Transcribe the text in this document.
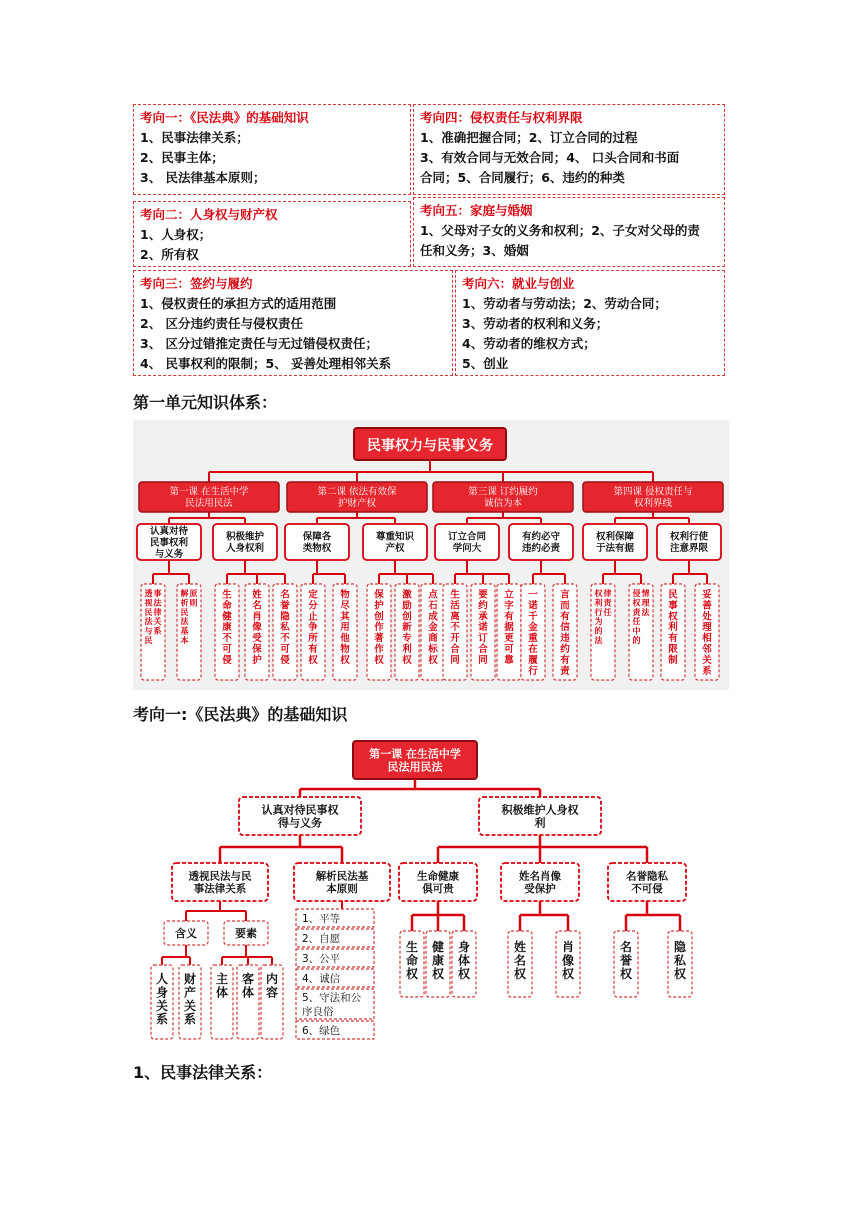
考向一：《民法典》的基础知识
1、民事法律关系；
2、民事主体；
3、 民法律基本原则；
考向二：人身权与财产权
1、人身权；
2、所有权
考向三：签约与履约
1、侵权责任的承担方式的适用范围
2、 区分违约责任与侵权责任
3、 区分过错推定责任与无过错侵权责任；
4、 民事权利的限制；5、 妥善处理相邻关系
考向四：侵权责任与权利界限
1、准确把握合同；2、订立合同的过程
3、有效合同与无效合同；4、 口头合同和书面
合同；5、合同履行；6、违约的种类
考向五：家庭与婚姻
1、父母对子女的义务和权利；2、子女对父母的责
任和义务；3、婚姻
考向六：就业与创业
1、劳动者与劳动法；2、劳动合同；
3、劳动者的权利和义务；
4、劳动者的维权方式；
5、创业
第一单元知识体系：
民事权力与民事义务
第一课 在生活中学
民法用民法
第二课 依法有效保
护财产权
第三课 订约履约
诚信为本
第四课 侵权责任与
权利界线
认真对待
民事权利
与义务
积极维护
人身权利
保障各
类物权
尊重知识
产权
订立合同
学问大
有约必守
违约必责
权利保障
于法有据
权利行使
注意界限
透
视
民
法
与
民
事
法
律
关
系
解
析
民
法
基
本
原
则
生
命
健
康
不
可
侵
姓
名
肖
像
受
保
护
名
誉
隐
私
不
可
侵
定
分
止
争
所
有
权
物
尽
其
用
他
物
权
保
护
创
作
著
作
权
激
励
创
新
专
利
权
点
石
成
金
商
标
权
生
活
离
不
开
合
同
要
约
承
诺
订
合
同
立
字
有
据
更
可
靠
一
诺
千
金
重
在
履
行
言
而
有
信
违
约
有
责
权
利
行
为
的
法
律
责
任
侵
权
责
任
中
的
情
理
法
民
事
权
利
有
限
制
妥
善
处
理
相
邻
关
系
考向一:《民法典》的基础知识
第一课 在生活中学
民法用民法
认真对待民事权
得与义务
积极维护人身权
利
透视民法与民
事法律关系
解析民法基
本原则
生命健康
俱可贵
姓名肖像
受保护
名誉隐私
不可侵
含义	要素
人
身
关
系
财
产
关
系
主
体
客
体
内
容
1、平等
2、自愿
3、公平
4、诚信
5、守法和公
序良俗
6、绿色
生
命
权
健
康
权
身
体
权
姓
名
权
肖
像
权
名
誉
权
隐
私
权
1、民事法律关系：
